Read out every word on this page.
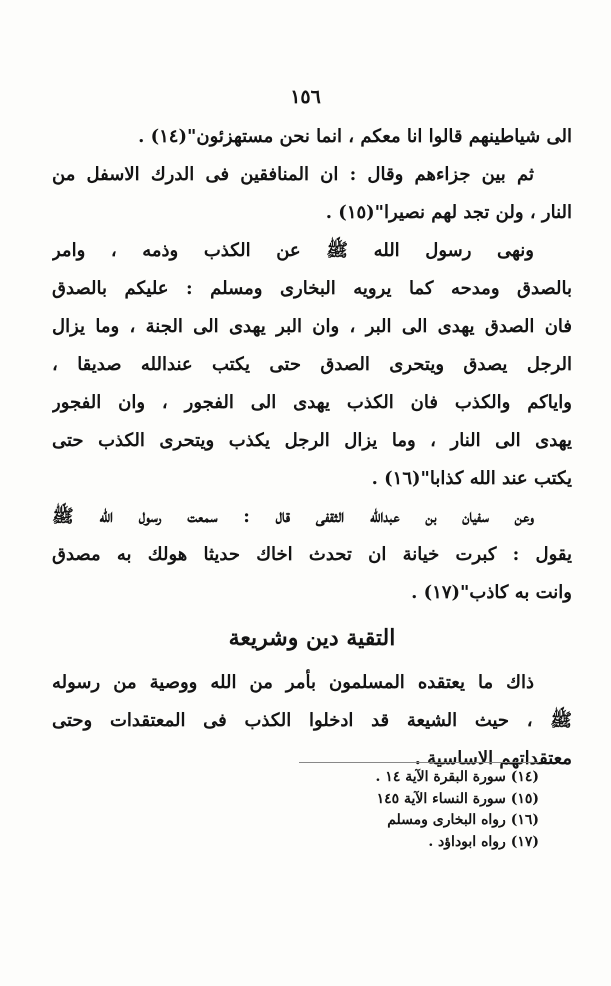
١٥٦
الى شياطينهم قالوا انا معكم ، انما نحن مستهزئون"(١٤) .
ثم بين جزاءهم وقال : ان المنافقين فى الدرك الاسفل من
النار ، ولن تجد لهم نصيرا"(١٥) .
ونهى رسول الله ﷺ عن الكذب وذمه ، وامر
بالصدق ومدحه كما يرويه البخارى ومسلم : عليكم بالصدق
فان الصدق يهدى الى البر ، وان البر يهدى الى الجنة ، وما يزال
الرجل يصدق ويتحرى الصدق حتى يكتب عندالله صديقا ،
واياكم والكذب فان الكذب يهدى الى الفجور ، وان الفجور
يهدى الى النار ، وما يزال الرجل يكذب ويتحرى الكذب حتى
يكتب عند الله كذابا"(١٦) .
وعن سفيان بن عبدالله الثقفى قال : سمعت رسول الله ﷺ
يقول : كبرت خيانة ان تحدث اخاك حديثا هولك به مصدق
وانت به كاذب"(١٧) .
التقية دين وشريعة
ذاك ما يعتقده المسلمون بأمر من الله ووصية من رسوله
ﷺ ، حيث الشيعة قد ادخلوا الكذب فى المعتقدات وحتى
معتقداتهم الاساسية .
(١٤) سورة البقرة الآية ١٤ .
(١٥) سورة النساء الآية ١٤٥
(١٦) رواه البخارى ومسلم
(١٧) رواه ابوداؤد .
